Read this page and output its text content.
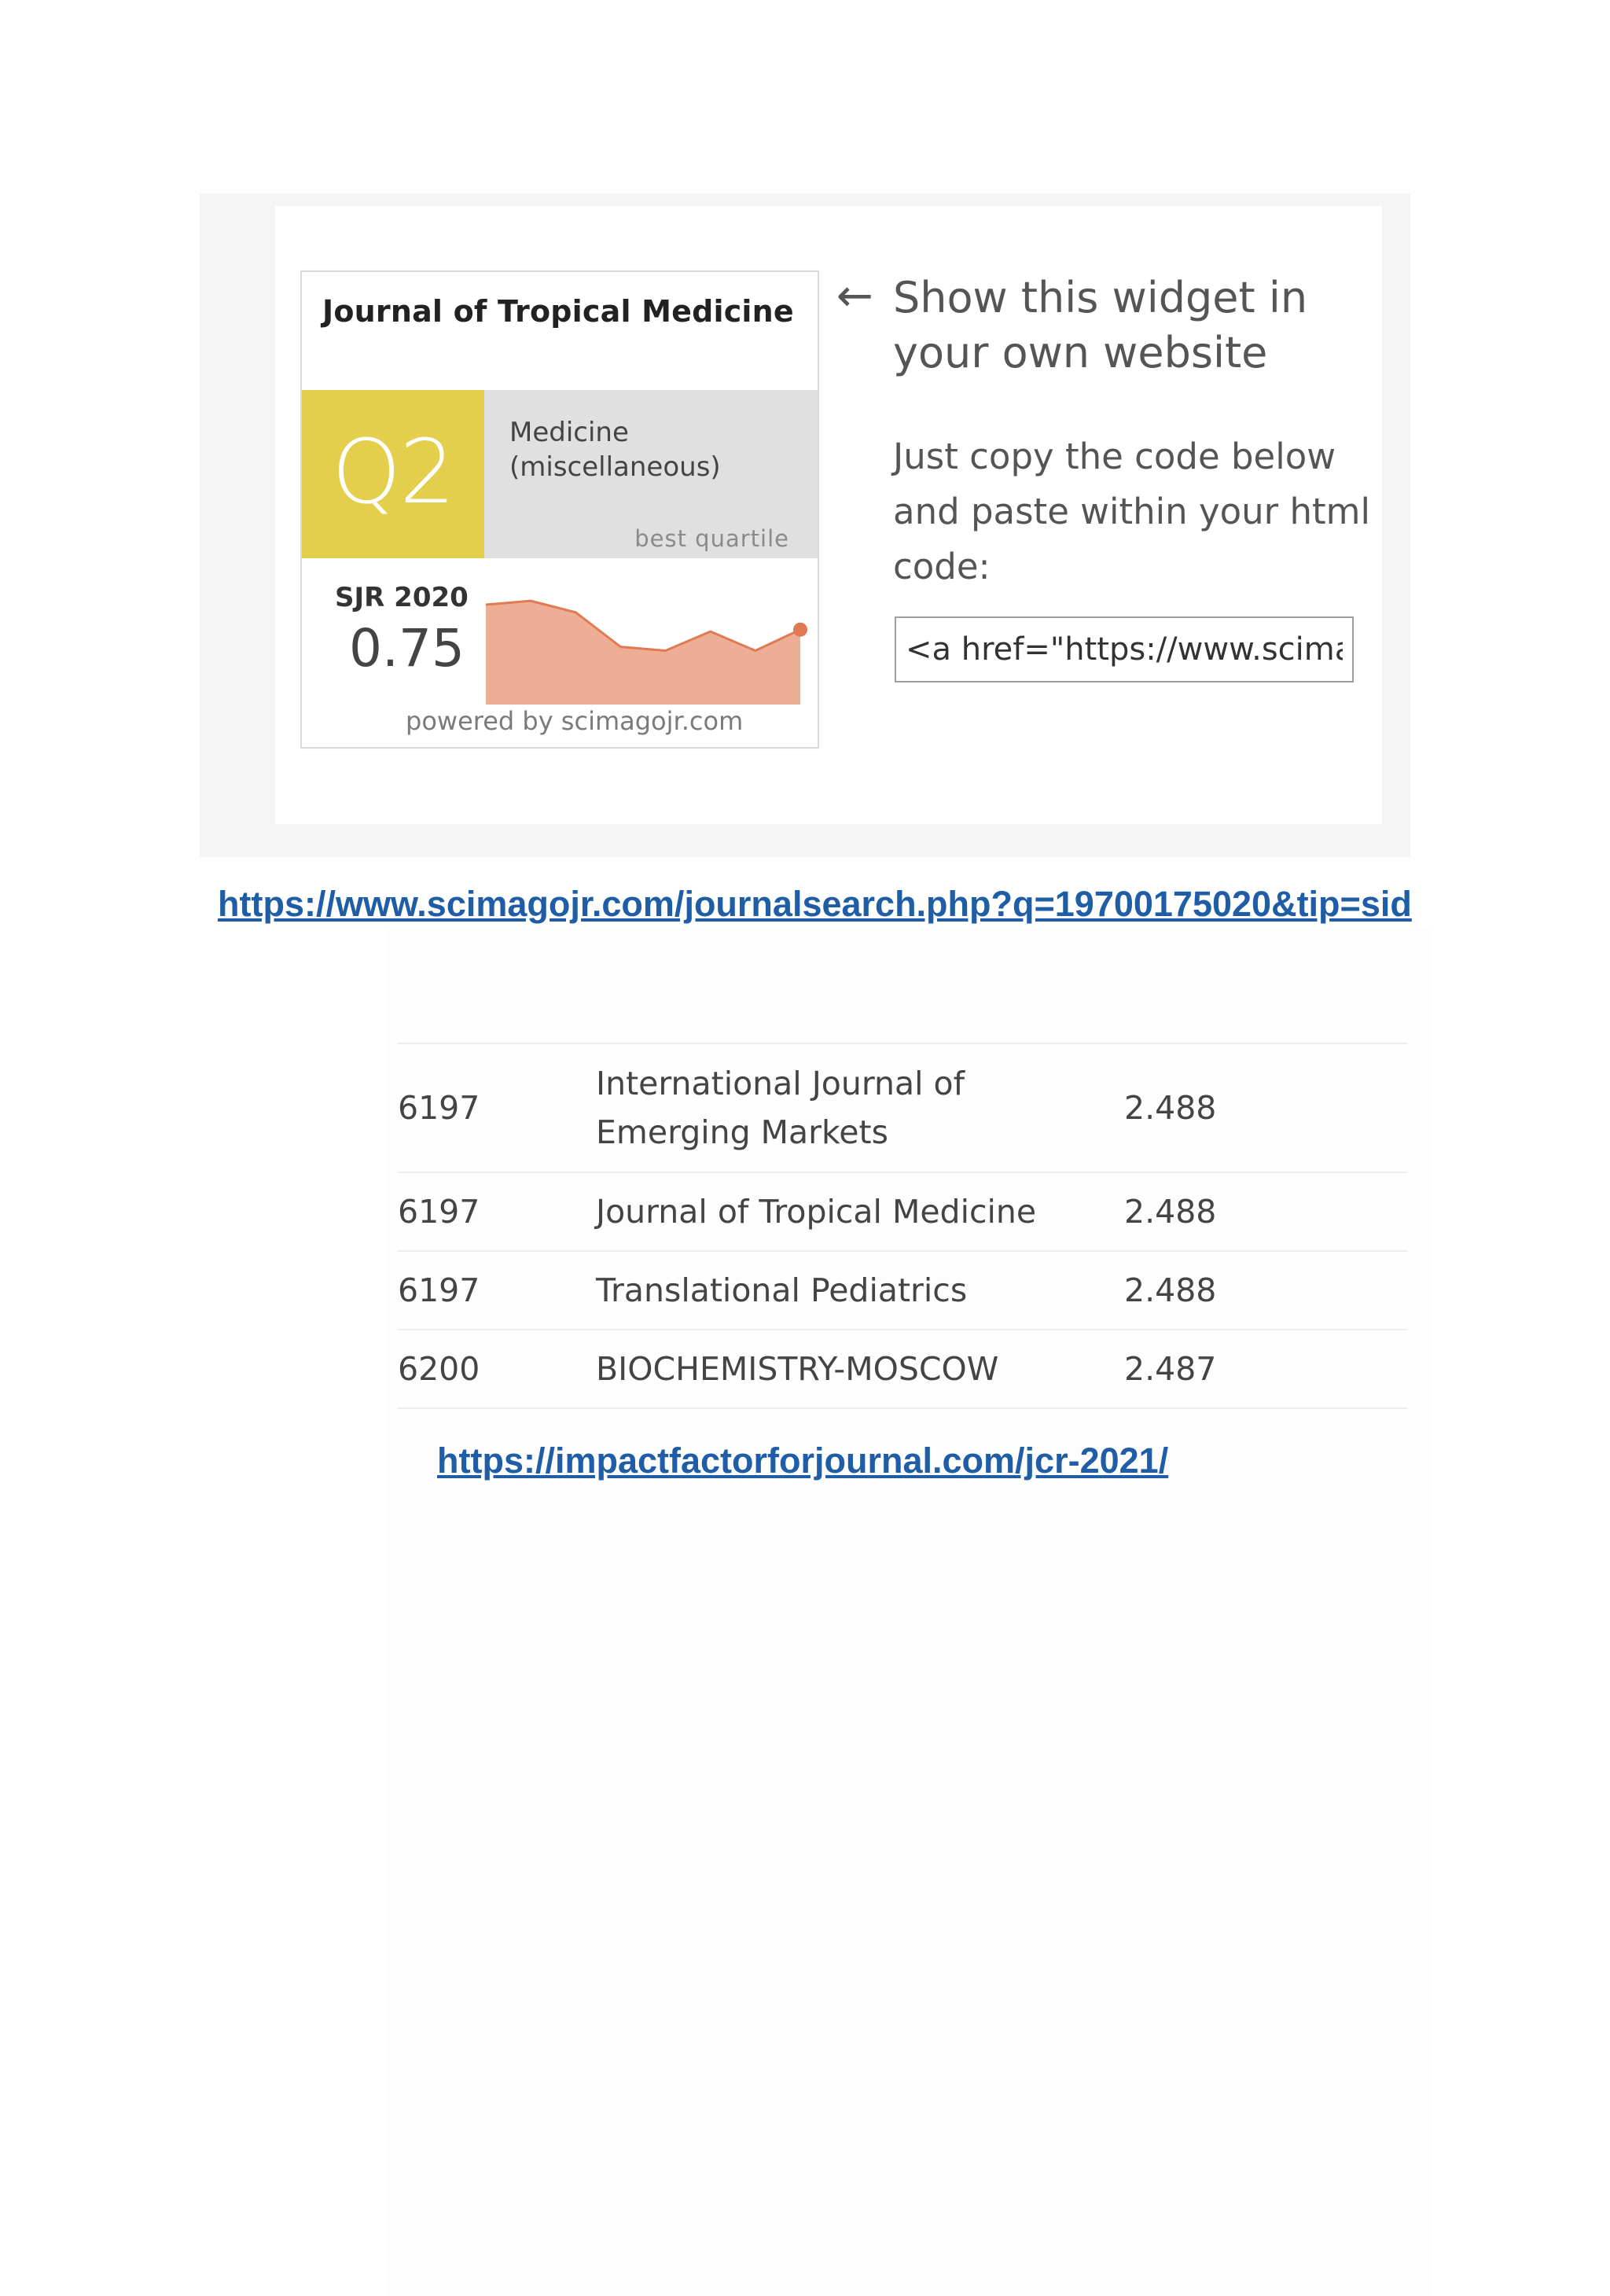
Journal of Tropical Medicine
Q2 Medicine (miscellaneous)
best quartile
SJR 2020
0.75
powered by scimagojr.com
← Show this widget in your own website
Just copy the code below and paste within your html code:
<a href="https://www.scimagojr.com/journalsearch.php?q=19700175020&tip=sid
https://www.scimagojr.com/journalsearch.php?q=19700175020&tip=sid
6197	International Journal of Emerging Markets	2.488
6197	Journal of Tropical Medicine	2.488
6197	Translational Pediatrics	2.488
6200	BIOCHEMISTRY-MOSCOW	2.487
https://impactfactorforjournal.com/jcr-2021/
